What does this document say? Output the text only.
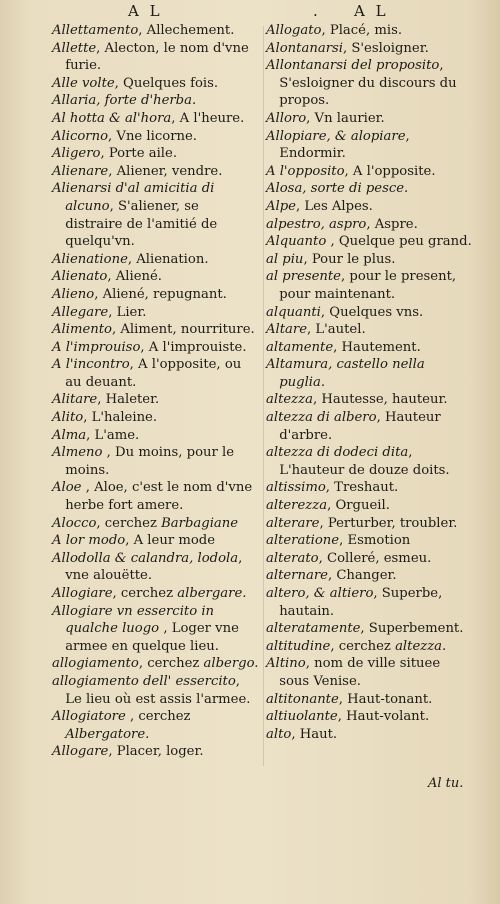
A L	. A L

Allettamento, Allechement.

Allette, Alecton, le nom d'vne furie.

Alle volte, Quelques fois.

Allaria, forte d'herba.

Al hotta & al'hora, A l'heure.

Alicorno, Vne licorne.

Aligero, Porte aile.

Alienare, Aliener, vendre.

Alienarsi d'al amicitia di alcuno, S'aliener, se distraire de l'amitié de quelqu'vn.

Alienatione, Alienation.

Alienato, Aliené.

Alieno, Aliené, repugnant.

Allegare, Lier.

Alimento, Aliment, nourriture.

A l'improuiso, A l'improuiste.

A l'incontro, A l'opposite, ou au deuant.

Alitare, Haleter.

Alito, L'haleine.

Alma, L'ame.

Almeno , Du moins, pour le moins.

Aloe , Aloe, c'est le nom d'vne herbe fort amere.

Alocco, cerchez Barbagiane

A lor modo, A leur mode

Allodolla & calandra, lodola, vne alouëtte.

Allogiare, cerchez albergare.

Allogiare vn essercito in qualche luogo , Loger vne armee en quelque lieu.

allogiamento, cerchez albergo.

allogiamento dell' essercito, Le lieu où est assis l'armee.

Allogiatore , cerchez Albergatore.

Allogare, Placer, loger.

Allogato, Placé, mis.

Alontanarsi, S'esloigner.

Allontanarsi del proposito, S'esloigner du discours du propos.

Alloro, Vn laurier.

Allopiare, & alopiare, Endormir.

A l'opposito, A l'opposite.

Alosa, sorte di pesce.

Alpe, Les Alpes.

alpestro, aspro, Aspre.

Alquanto , Quelque peu grand.

al piu, Pour le plus.

al presente, pour le present, pour maintenant.

alquanti, Quelques vns.

Altare, L'autel.

altamente, Hautement.

Altamura, castello nella puglia.

altezza, Hautesse, hauteur.

altezza di albero, Hauteur d'arbre.

altezza di dodeci dita, L'hauteur de douze doits.

altissimo, Treshaut.

alterezza, Orgueil.

alterare, Perturber, troubler.

alteratione, Esmotion

alterato, Colleré, esmeu.

alternare, Changer.

altero, & altiero, Superbe, hautain.

alteratamente, Superbement.

altitudine, cerchez altezza.

Altino, nom de ville situee sous Venise.

altitonante, Haut-tonant.

altiuolante, Haut-volant.

alto, Haut.

Al tu.
